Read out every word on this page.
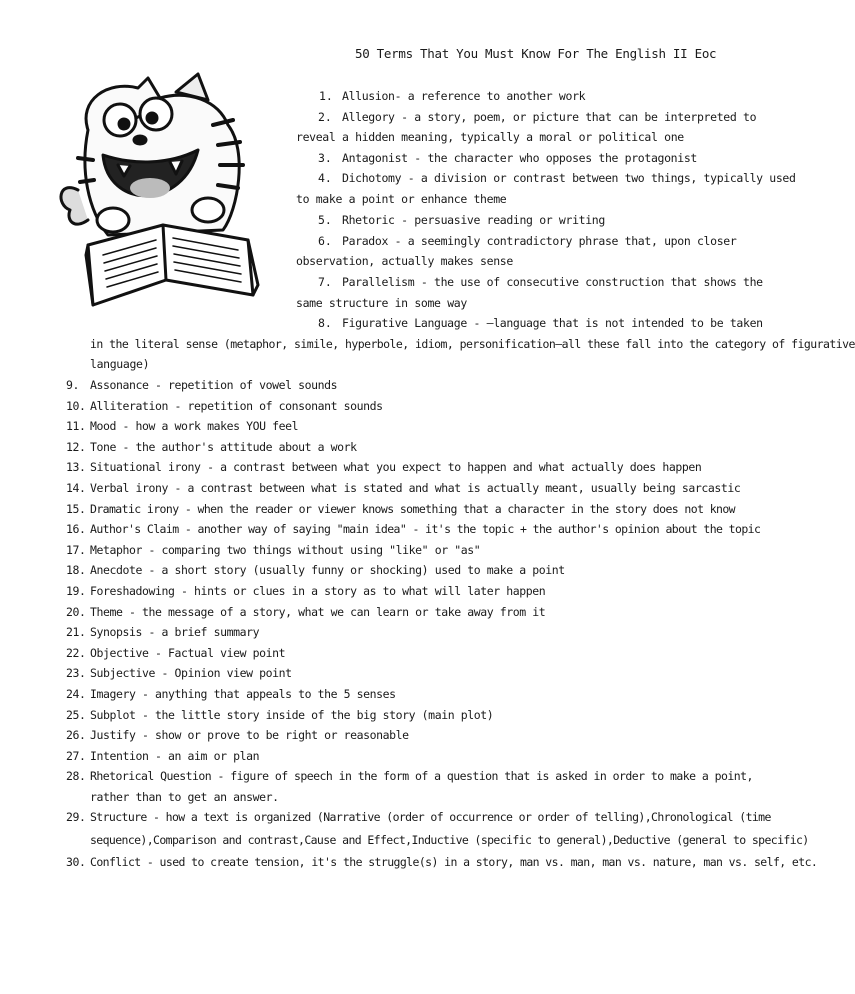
50 Terms That You Must Know For The English II Eoc
1. Allusion- a reference to another work
2. Allegory - a story, poem, or picture that can be interpreted to
reveal a hidden meaning, typically a moral or political one
3. Antagonist - the character who opposes the protagonist
4. Dichotomy - a division or contrast between two things, typically used
to make a point or enhance theme
5. Rhetoric - persuasive reading or writing
6. Paradox - a seemingly contradictory phrase that, upon closer
observation, actually makes sense
7. Parallelism - the use of consecutive construction that shows the
same structure in some way
8. Figurative Language - –language that is not intended to be taken
in the literal sense (metaphor, simile, hyperbole, idiom, personification—all these fall into the category of figurative
language)
9. Assonance - repetition of vowel sounds
10. Alliteration - repetition of consonant sounds
11. Mood - how a work makes YOU feel
12. Tone - the author's attitude about a work
13. Situational irony - a contrast between what you expect to happen and what actually does happen
14. Verbal irony - a contrast between what is stated and what is actually meant, usually being sarcastic
15. Dramatic irony - when the reader or viewer knows something that a character in the story does not know
16. Author's Claim - another way of saying "main idea" - it's the topic + the author's opinion about the topic
17. Metaphor - comparing two things without using "like" or "as"
18. Anecdote - a short story (usually funny or shocking) used to make a point
19. Foreshadowing - hints or clues in a story as to what will later happen
20. Theme - the message of a story, what we can learn or take away from it
21. Synopsis - a brief summary
22. Objective - Factual view point
23. Subjective - Opinion view point
24. Imagery - anything that appeals to the 5 senses
25. Subplot - the little story inside of the big story (main plot)
26. Justify - show or prove to be right or reasonable
27. Intention - an aim or plan
28. Rhetorical Question - figure of speech in the form of a question that is asked in order to make a point,
rather than to get an answer.
29. Structure - how a text is organized (Narrative (order of occurrence or order of telling),Chronological (time
sequence),Comparison and contrast,Cause and Effect,Inductive (specific to general),Deductive (general to specific)
30. Conflict - used to create tension, it's the struggle(s) in a story, man vs. man, man vs. nature, man vs. self, etc.
